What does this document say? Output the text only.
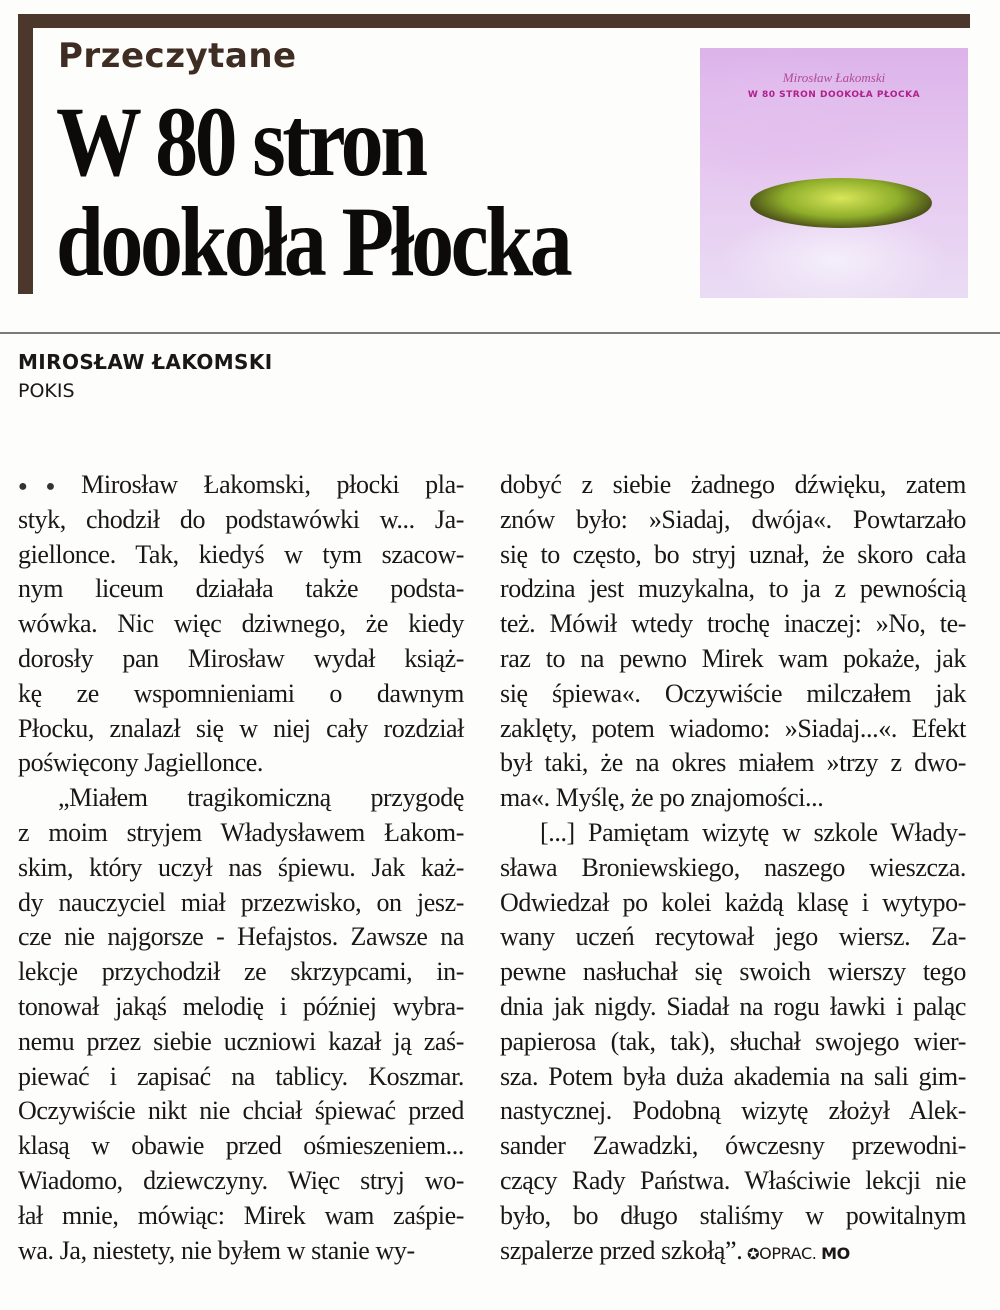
Przeczytane
W 80 stron
dookoła Płocka
Mirosław Łakomski
W 80 STRON DOOKOŁA PŁOCKA
MIROSŁAW ŁAKOMSKI
POKIS
●● Mirosław Łakomski, płocki pla-
styk, chodził do podstawówki w... Ja-
giellonce. Tak, kiedyś w tym szacow-
nym liceum działała także podsta-
wówka. Nic więc dziwnego, że kiedy
dorosły pan Mirosław wydał książ-
kę ze wspomnieniami o dawnym
Płocku, znalazł się w niej cały rozdział
poświęcony Jagiellonce.
„Miałem tragikomiczną przygodę
z moim stryjem Władysławem Łakom-
skim, który uczył nas śpiewu. Jak każ-
dy nauczyciel miał przezwisko, on jesz-
cze nie najgorsze - Hefajstos. Zawsze na
lekcje przychodził ze skrzypcami, in-
tonował jakąś melodię i później wybra-
nemu przez siebie uczniowi kazał ją zaś-
piewać i zapisać na tablicy. Koszmar.
Oczywiście nikt nie chciał śpiewać przed
klasą w obawie przed ośmieszeniem...
Wiadomo, dziewczyny. Więc stryj wo-
łał mnie, mówiąc: Mirek wam zaśpie-
wa. Ja, niestety, nie byłem w stanie wy-
dobyć z siebie żadnego dźwięku, zatem
znów było: »Siadaj, dwója«. Powtarzało
się to często, bo stryj uznał, że skoro cała
rodzina jest muzykalna, to ja z pewnością
też. Mówił wtedy trochę inaczej: »No, te-
raz to na pewno Mirek wam pokaże, jak
się śpiewa«. Oczywiście milczałem jak
zaklęty, potem wiadomo: »Siadaj...«. Efekt
był taki, że na okres miałem »trzy z dwo-
ma«. Myślę, że po znajomości...
[...] Pamiętam wizytę w szkole Włady-
sława Broniewskiego, naszego wieszcza.
Odwiedzał po kolei każdą klasę i wytypo-
wany uczeń recytował jego wiersz. Za-
pewne nasłuchał się swoich wierszy tego
dnia jak nigdy. Siadał na rogu ławki i paląc
papierosa (tak, tak), słuchał swojego wier-
sza. Potem była duża akademia na sali gim-
nastycznej. Podobną wizytę złożył Alek-
sander Zawadzki, ówczesny przewodni-
czący Rady Państwa. Właściwie lekcji nie
było, bo długo staliśmy w powitalnym
szpalerze przed szkołą”. ✪OPRAC. MO
